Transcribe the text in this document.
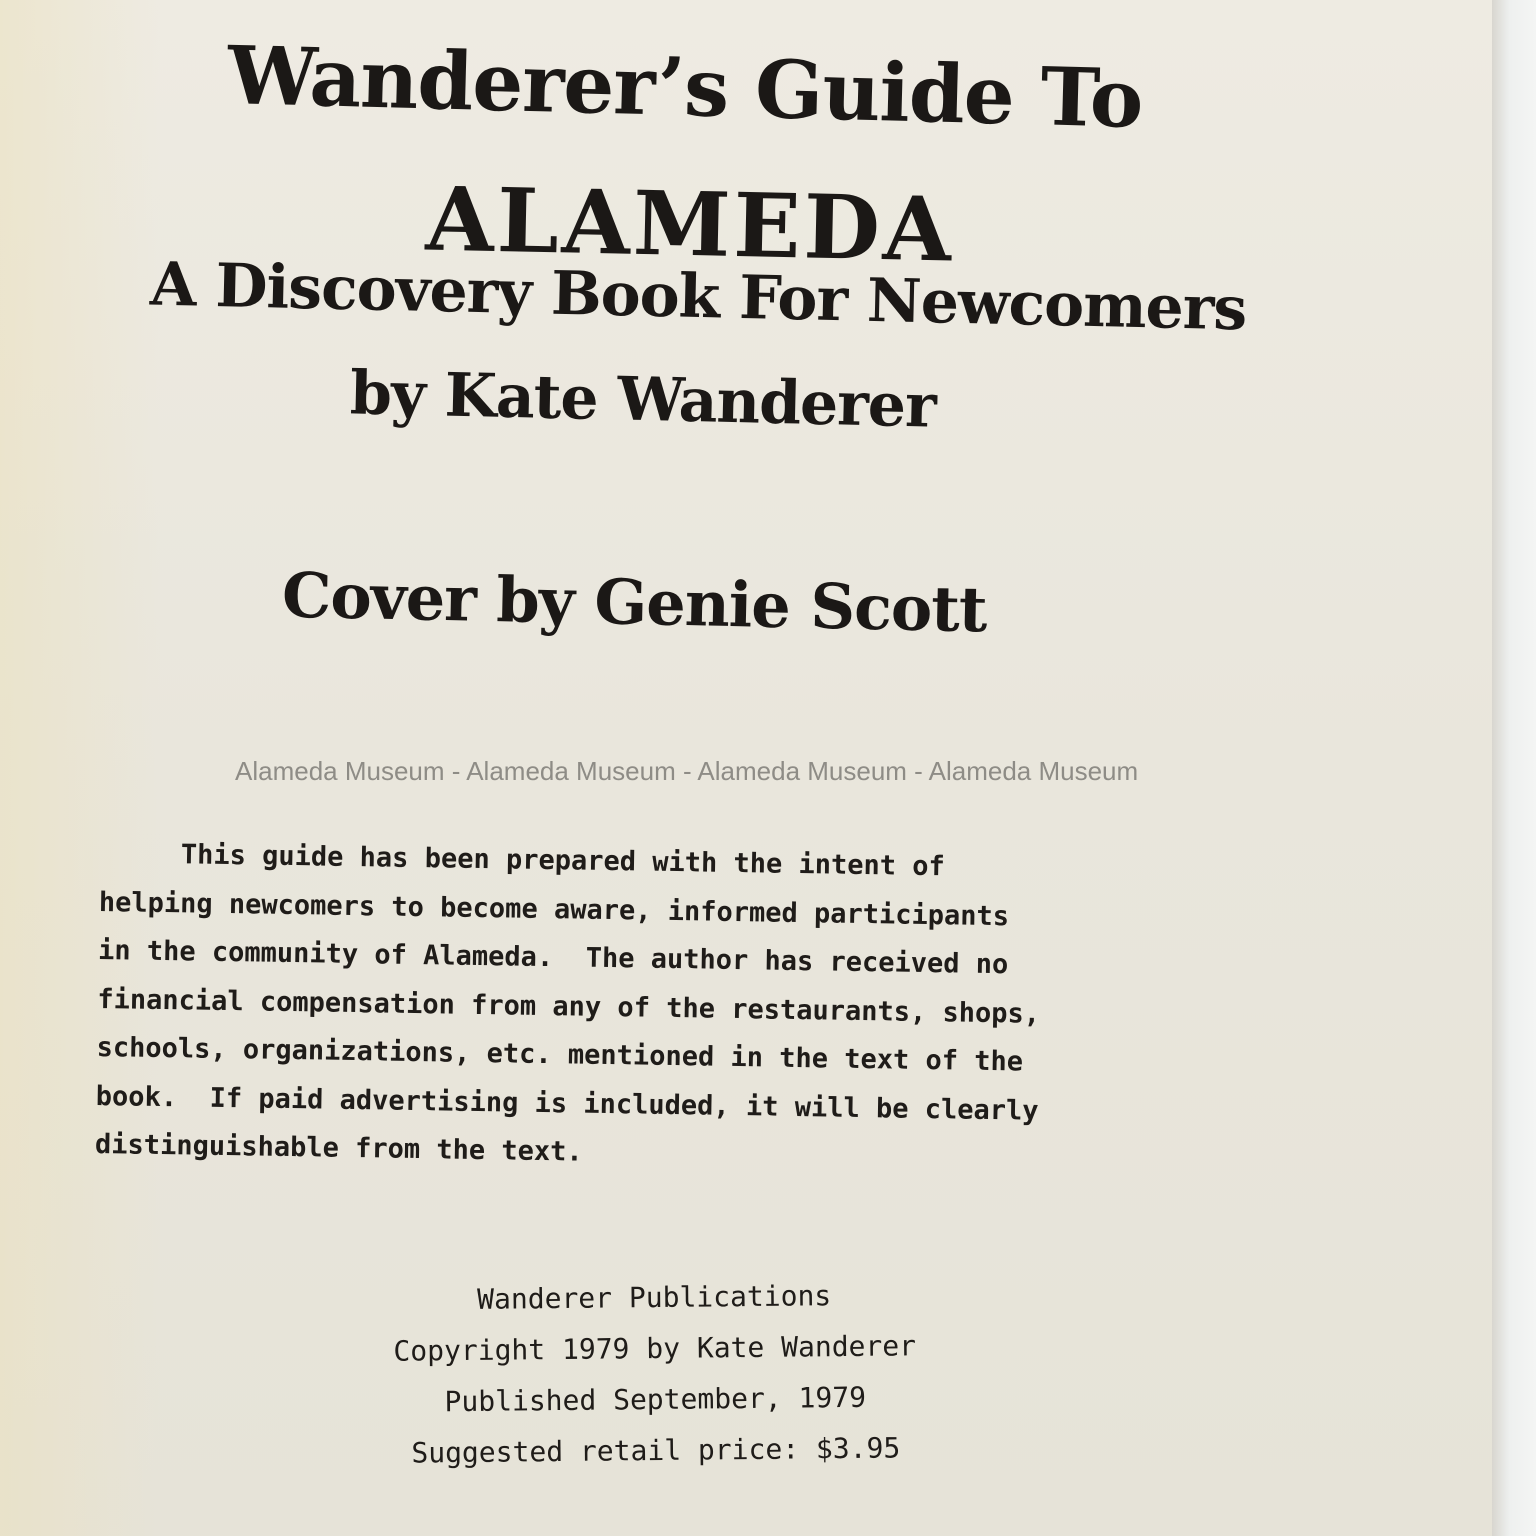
Wanderer’s Guide To
ALAMEDA
A Discovery Book For Newcomers
by Kate Wanderer
Cover by Genie Scott
Alameda Museum - Alameda Museum - Alameda Museum - Alameda Museum
This guide has been prepared with the intent of
helping newcomers to become aware, informed participants
in the community of Alameda.  The author has received no
financial compensation from any of the restaurants, shops,
schools, organizations, etc. mentioned in the text of the
book.  If paid advertising is included, it will be clearly
distinguishable from the text.
Wanderer Publications
Copyright 1979 by Kate Wanderer
Published September, 1979
Suggested retail price: $3.95
